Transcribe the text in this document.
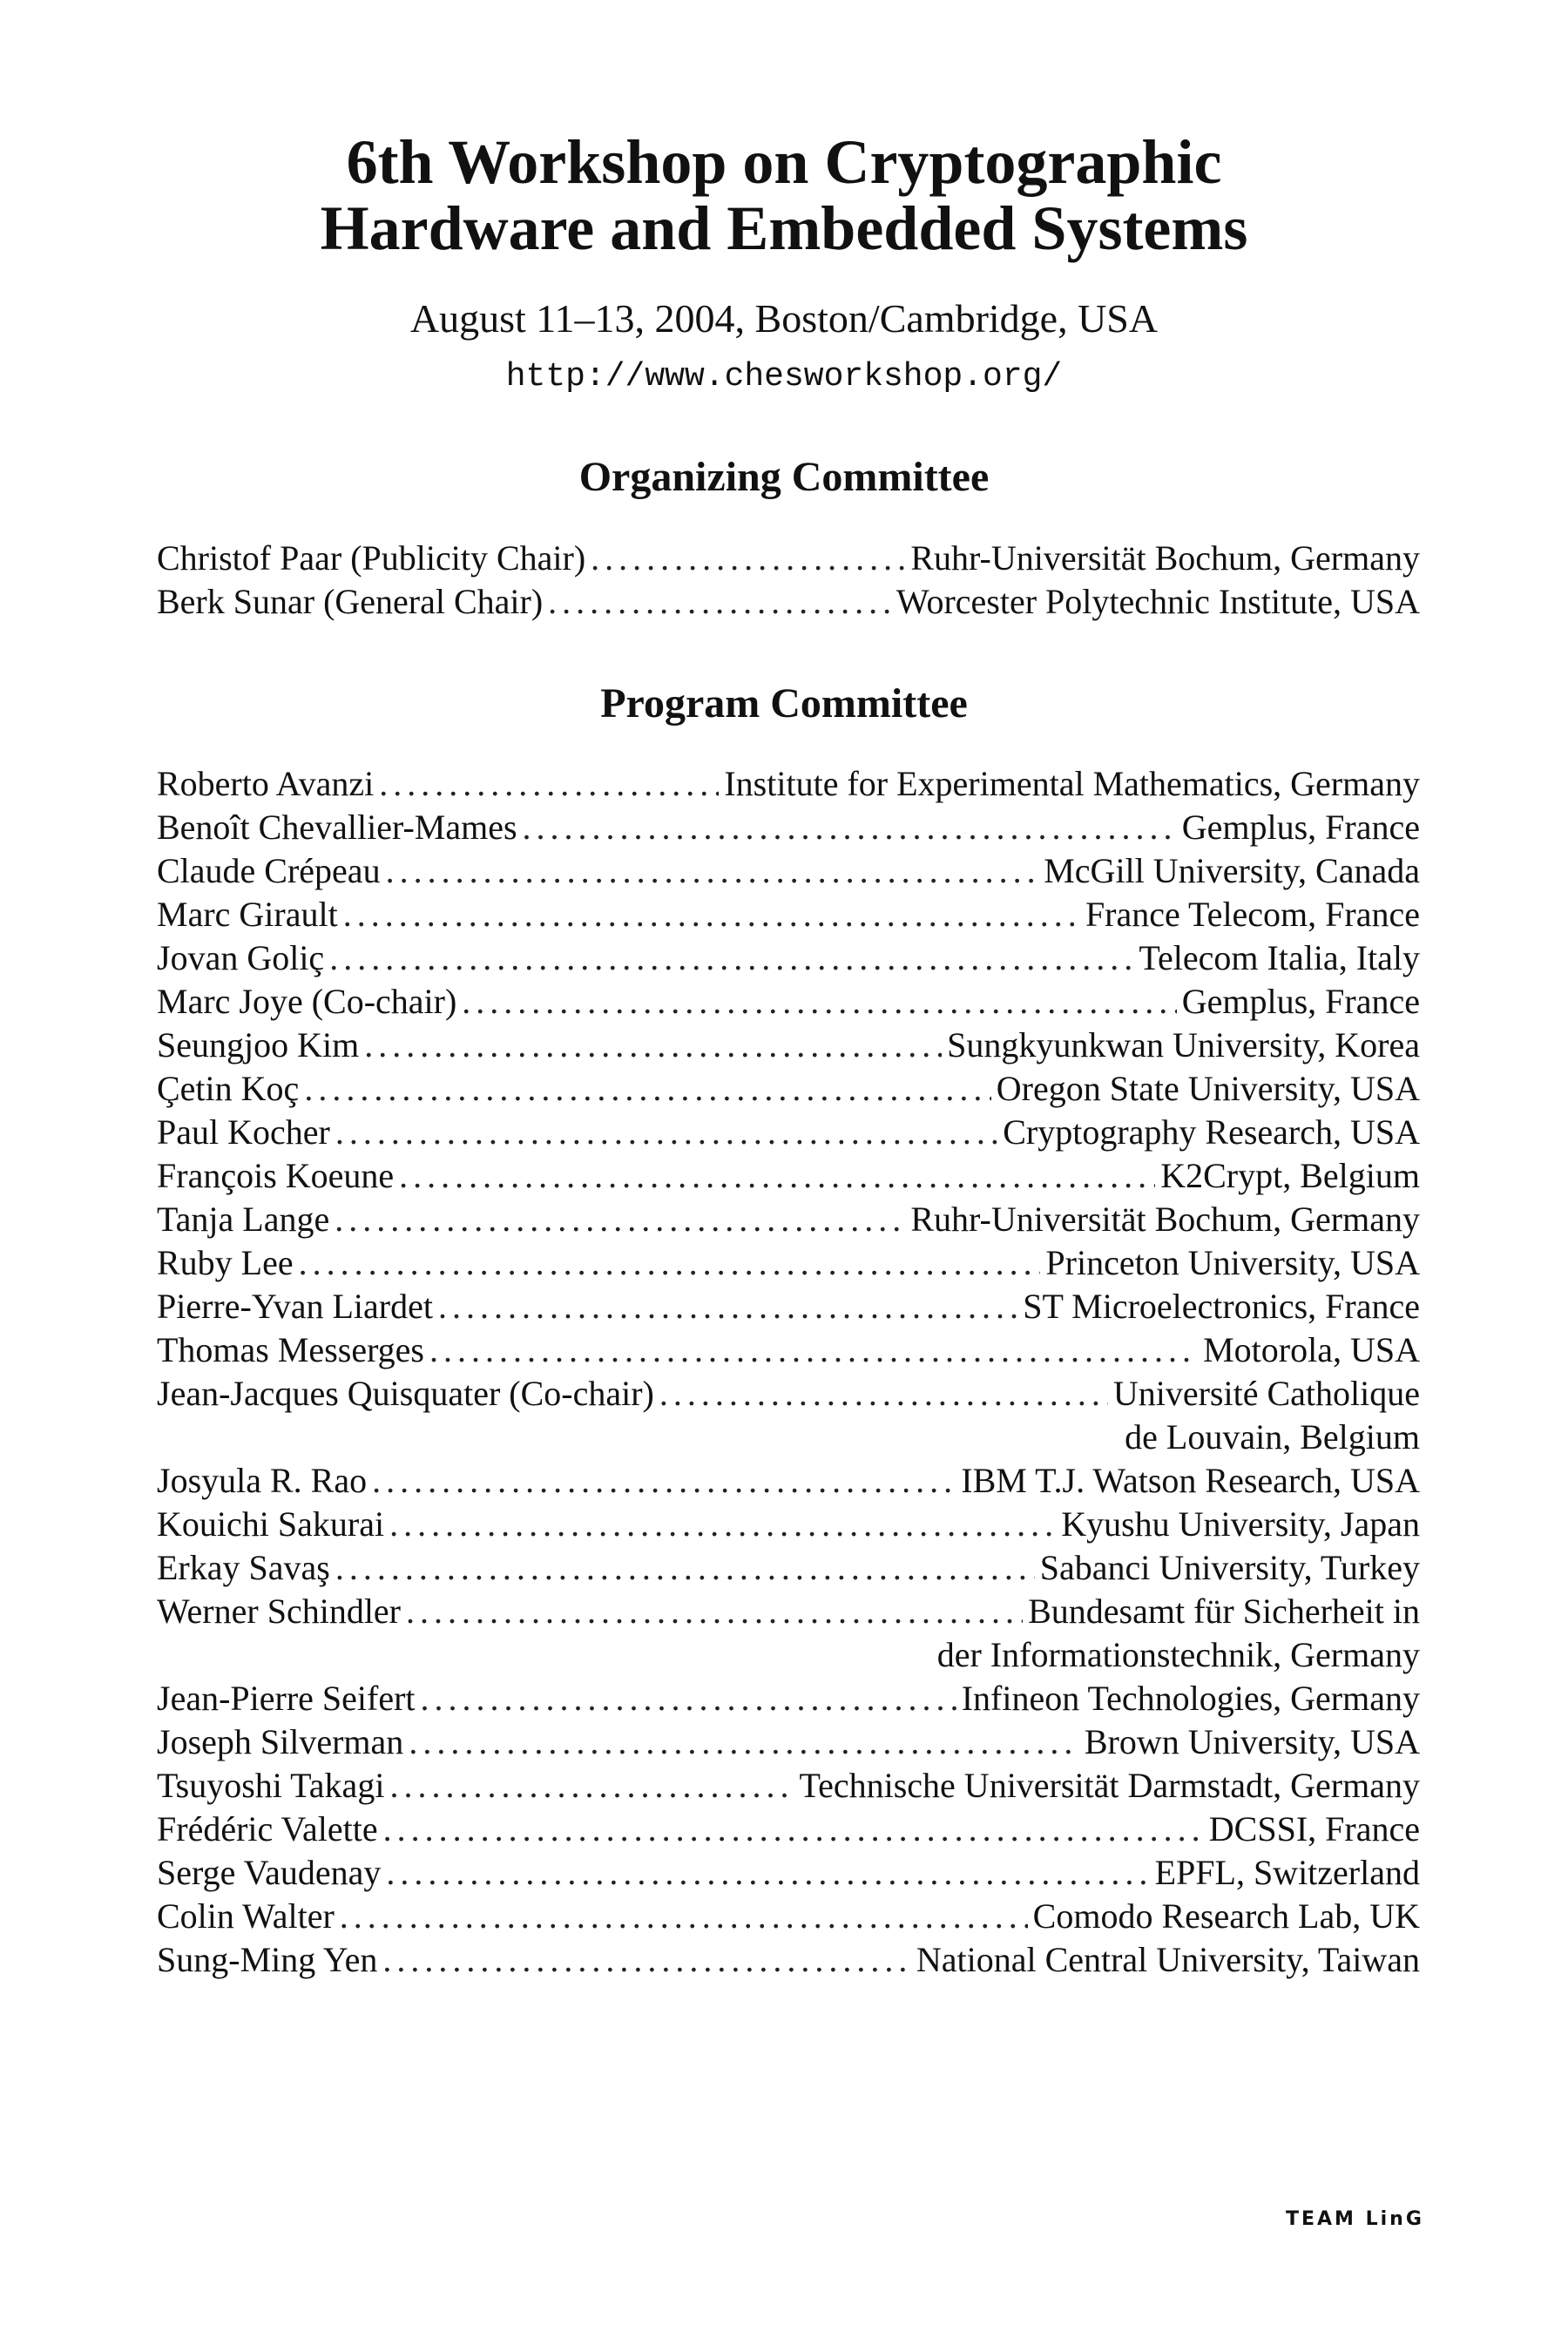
6th Workshop on Cryptographic
Hardware and Embedded Systems

August 11–13, 2004, Boston/Cambridge, USA

http://www.chesworkshop.org/

Organizing Committee
Christof Paar (Publicity Chair) . . .	Ruhr-Universität Bochum, Germany
Berk Sunar (General Chair) . . .	Worcester Polytechnic Institute, USA
Program Committee
Roberto Avanzi . . .	Institute for Experimental Mathematics, Germany
Benoît Chevallier-Mames . . .	Gemplus, France
Claude Crépeau . . .	McGill University, Canada
Marc Girault . . .	France Telecom, France
Jovan Goliç . . .	Telecom Italia, Italy
Marc Joye (Co-chair) . . .	Gemplus, France
Seungjoo Kim . . .	Sungkyunkwan University, Korea
Çetin Koç . . .	Oregon State University, USA
Paul Kocher . . .	Cryptography Research, USA
François Koeune . . .	K2Crypt, Belgium
Tanja Lange . . .	Ruhr-Universität Bochum, Germany
Ruby Lee . . .	Princeton University, USA
Pierre-Yvan Liardet . . .	ST Microelectronics, France
Thomas Messerges . . .	Motorola, USA
Jean-Jacques Quisquater (Co-chair) . . .	Université Catholique
de Louvain, Belgium
Josyula R. Rao . . .	IBM T.J. Watson Research, USA
Kouichi Sakurai . . .	Kyushu University, Japan
Erkay Savaş . . .	Sabanci University, Turkey
Werner Schindler . . .	Bundesamt für Sicherheit in
der Informationstechnik, Germany
Jean-Pierre Seifert . . .	Infineon Technologies, Germany
Joseph Silverman . . .	Brown University, USA
Tsuyoshi Takagi . . .	Technische Universität Darmstadt, Germany
Frédéric Valette . . .	DCSSI, France
Serge Vaudenay . . .	EPFL, Switzerland
Colin Walter . . .	Comodo Research Lab, UK
Sung-Ming Yen . . .	National Central University, Taiwan
TEAM LinG
